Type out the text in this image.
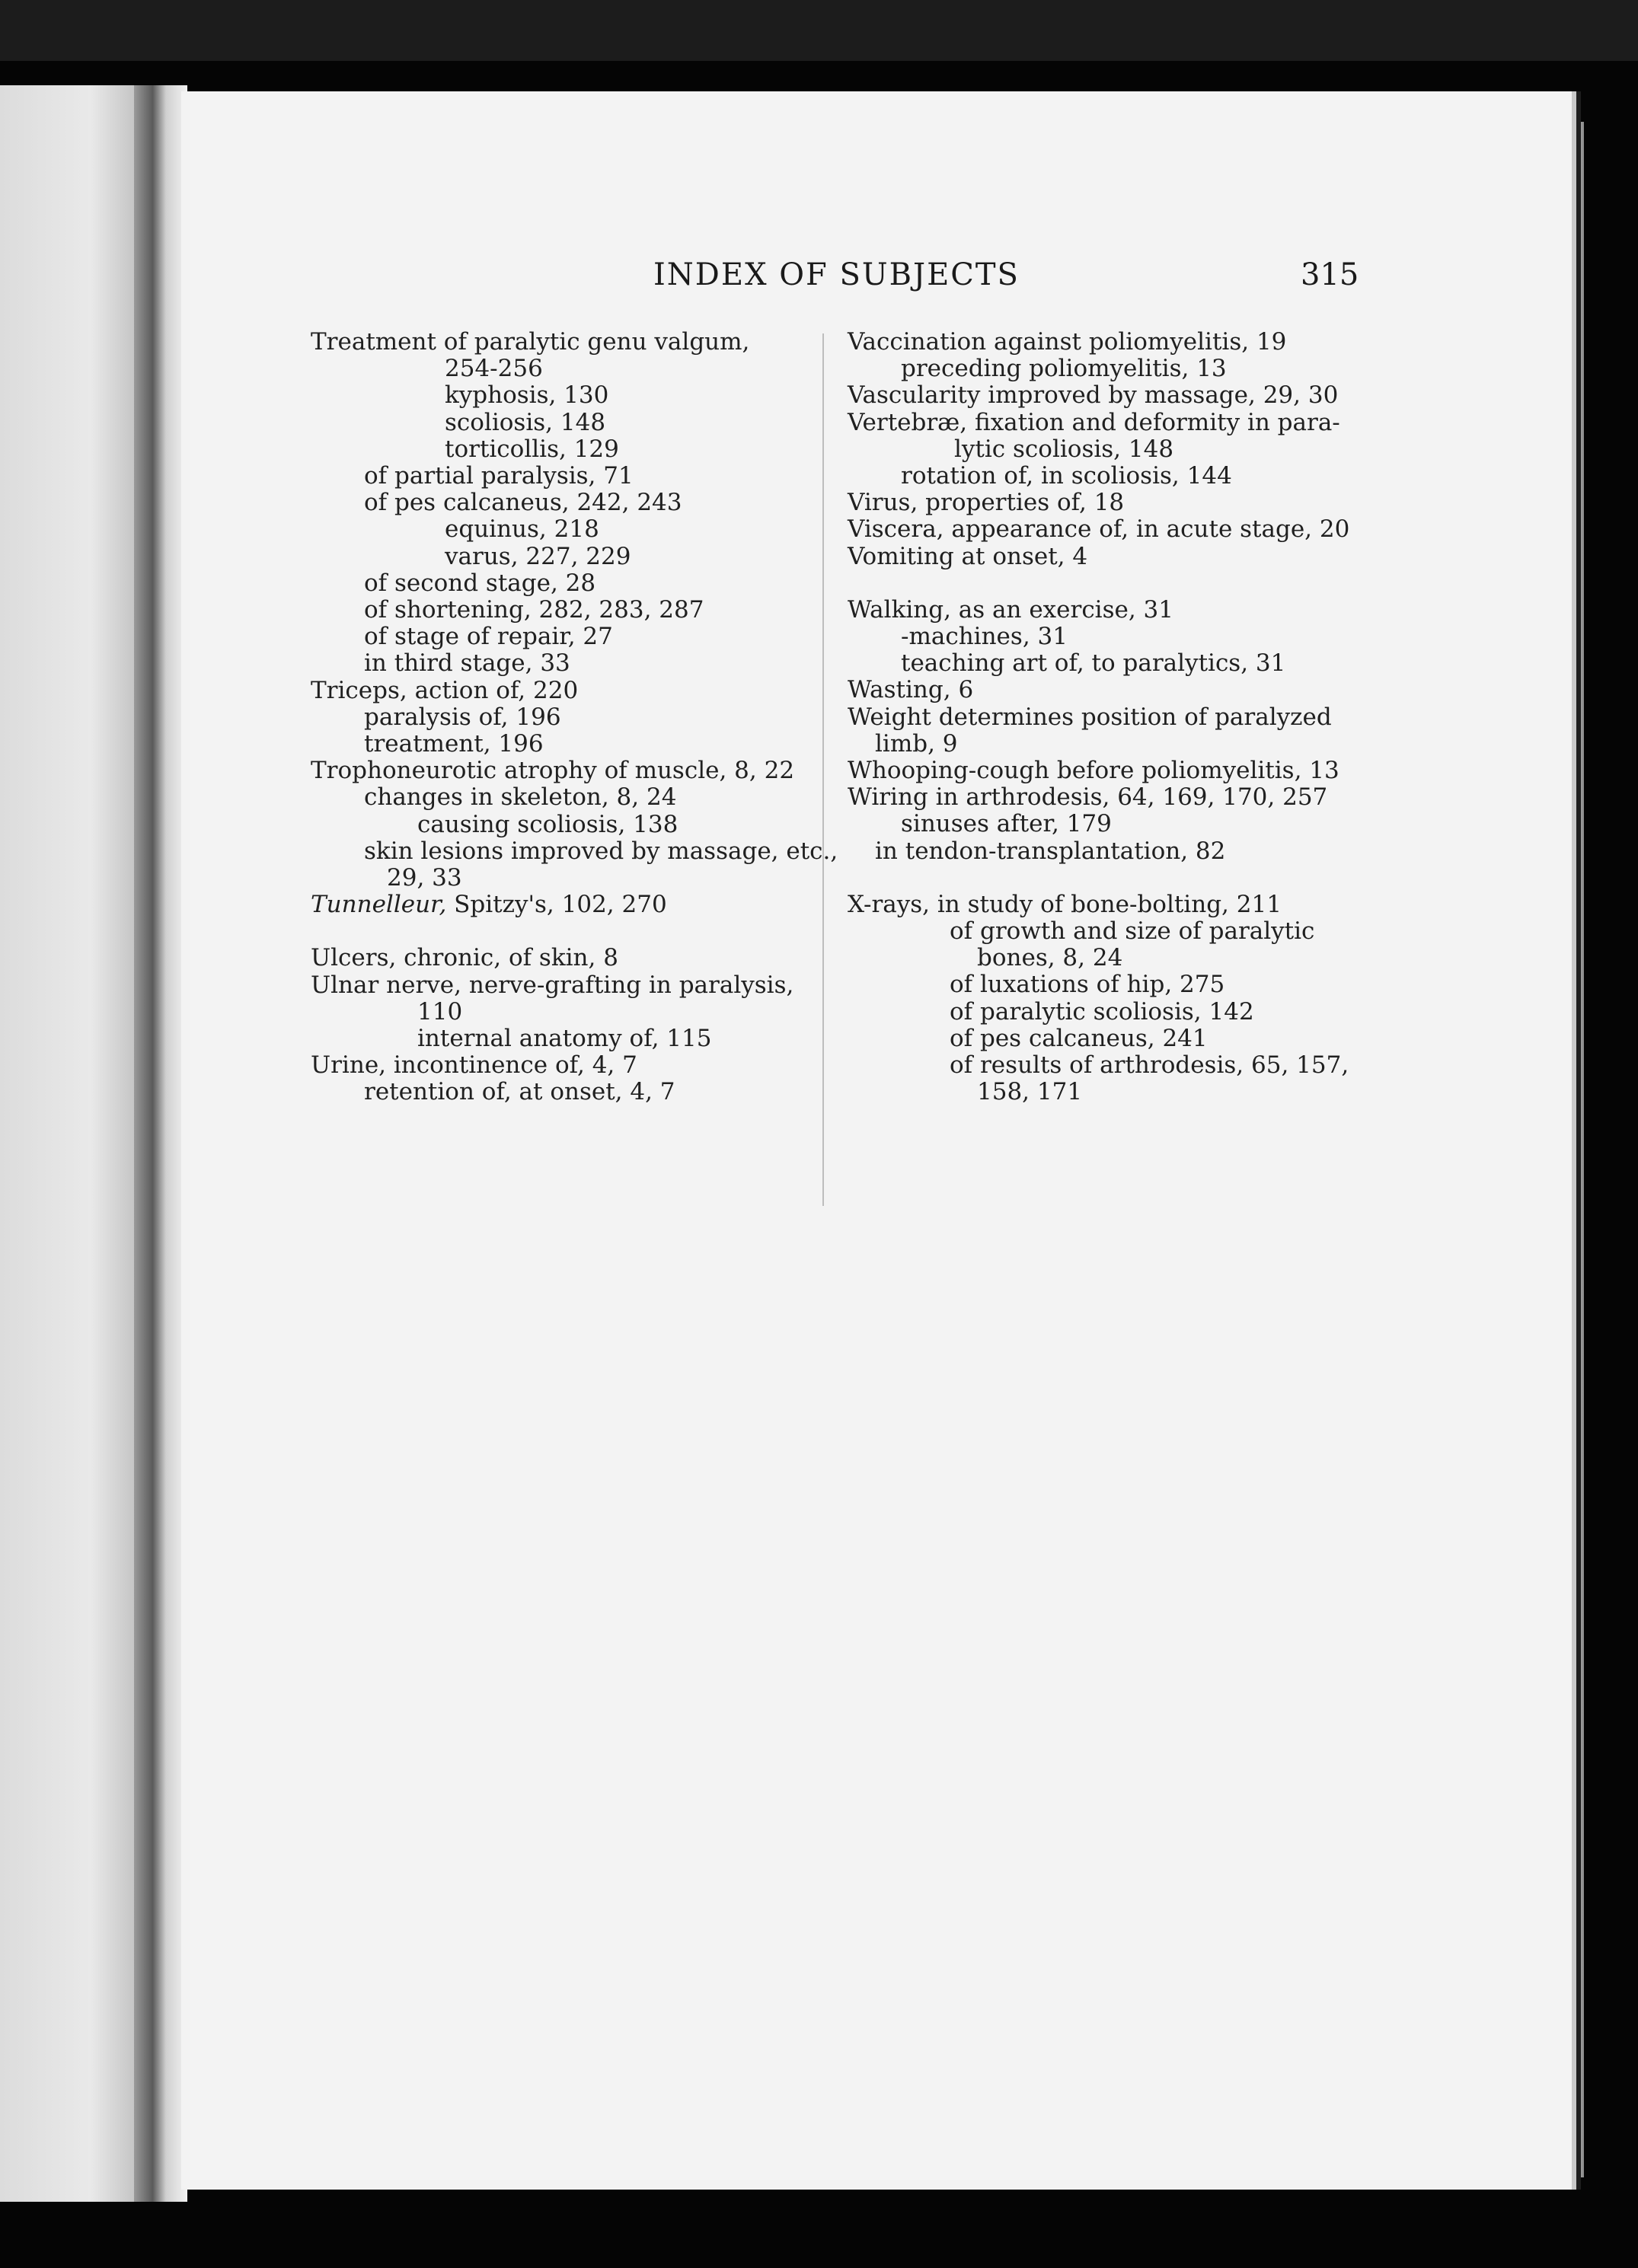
INDEX OF SUBJECTS	315
Treatment of paralytic genu valgum,
254-256
kyphosis, 130
scoliosis, 148
torticollis, 129
of partial paralysis, 71
of pes calcaneus, 242, 243
equinus, 218
varus, 227, 229
of second stage, 28
of shortening, 282, 283, 287
of stage of repair, 27
in third stage, 33
Triceps, action of, 220
paralysis of, 196
treatment, 196
Trophoneurotic atrophy of muscle, 8, 22
changes in skeleton, 8, 24
causing scoliosis, 138
skin lesions improved by massage, etc.,
29, 33
Tunnelleur, Spitzy's, 102, 270
Ulcers, chronic, of skin, 8
Ulnar nerve, nerve-grafting in paralysis,
110
internal anatomy of, 115
Urine, incontinence of, 4, 7
retention of, at onset, 4, 7
Vaccination against poliomyelitis, 19
preceding poliomyelitis, 13
Vascularity improved by massage, 29, 30
Vertebræ, fixation and deformity in para-
lytic scoliosis, 148
rotation of, in scoliosis, 144
Virus, properties of, 18
Viscera, appearance of, in acute stage, 20
Vomiting at onset, 4
Walking, as an exercise, 31
-machines, 31
teaching art of, to paralytics, 31
Wasting, 6
Weight determines position of paralyzed
limb, 9
Whooping-cough before poliomyelitis, 13
Wiring in arthrodesis, 64, 169, 170, 257
sinuses after, 179
in tendon-transplantation, 82
X-rays, in study of bone-bolting, 211
of growth and size of paralytic
bones, 8, 24
of luxations of hip, 275
of paralytic scoliosis, 142
of pes calcaneus, 241
of results of arthrodesis, 65, 157,
158, 171
